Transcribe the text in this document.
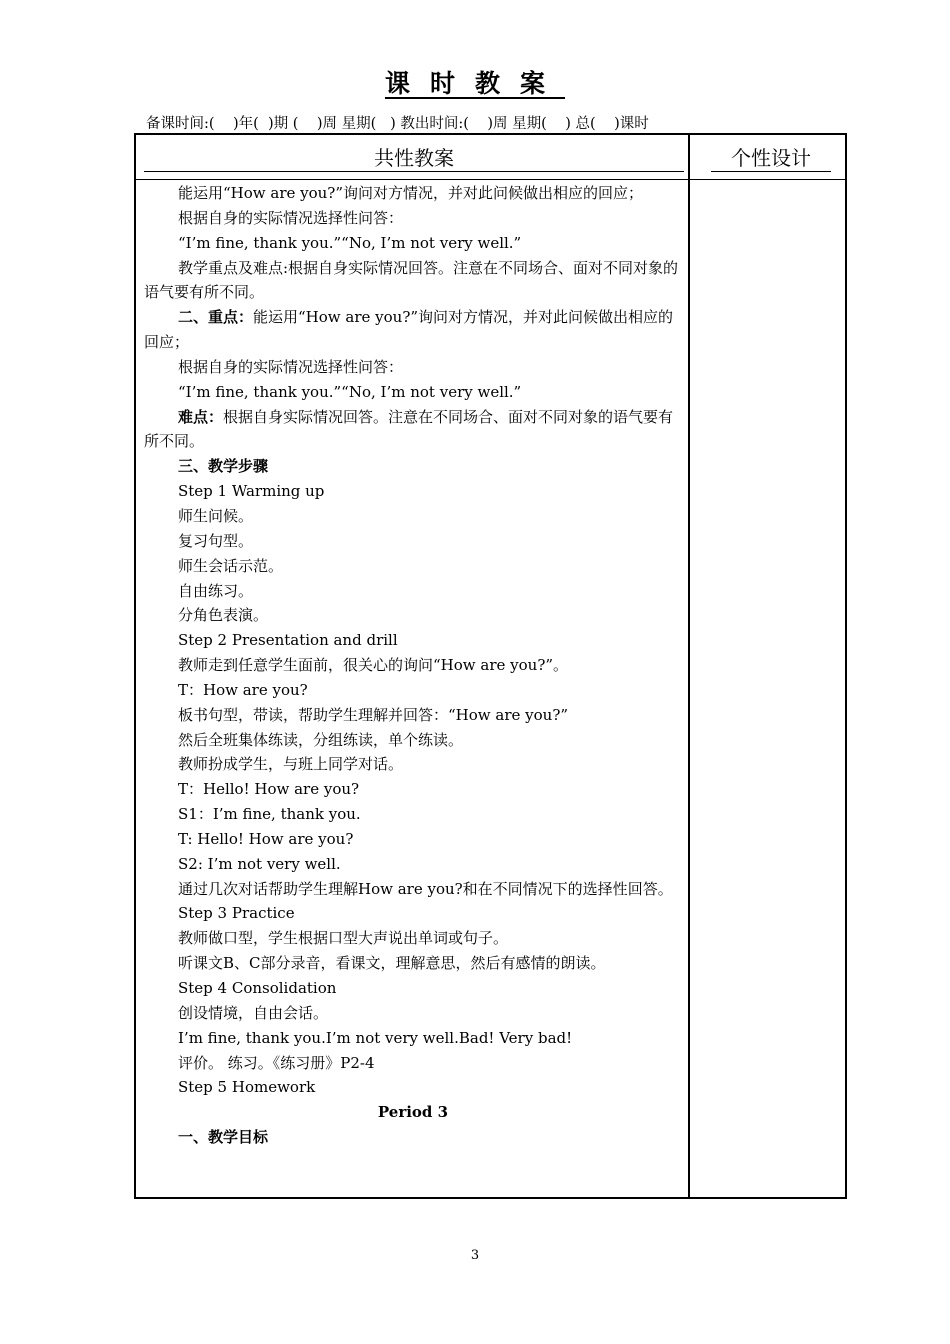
课时教案
备课时间:(    )年(  )期 (    )周 星期(   ) 教出时间:(    )周 星期(    ) 总(    )课时
共性教案	个性设计

能运用“How are you?”询问对方情况，并对此问候做出相应的回应；

根据自身的实际情况选择性问答：

“I’m fine, thank you.”“No, I’m not very well.”

教学重点及难点:根据自身实际情况回答。注意在不同场合、面对不同对象的语气要有所不同。

二、重点：能运用“How are you?”询问对方情况，并对此问候做出相应的回应；

根据自身的实际情况选择性问答：

“I’m fine, thank you.”“No, I’m not very well.”

难点：根据自身实际情况回答。注意在不同场合、面对不同对象的语气要有所不同。

三、教学步骤

Step 1 Warming up

师生问候。

复习句型。

师生会话示范。

自由练习。

分角色表演。

Step 2 Presentation and drill

教师走到任意学生面前，很关心的询问“How are you?”。

T：How are you?

板书句型，带读，帮助学生理解并回答：“How are you?”

然后全班集体练读，分组练读，单个练读。

教师扮成学生，与班上同学对话。

T：Hello! How are you?

S1：I’m fine, thank you.

T: Hello! How are you?

S2: I’m not very well.

通过几次对话帮助学生理解How are you?和在不同情况下的选择性回答。

Step 3 Practice

教师做口型，学生根据口型大声说出单词或句子。

听课文B、C部分录音，看课文，理解意思，然后有感情的朗读。

Step 4 Consolidation

创设情境，自由会话。

I’m fine, thank you.I’m not very well.Bad! Very bad!

评价。 练习。《练习册》P2-4

Step 5 Homework

Period 3

一、教学目标

3
